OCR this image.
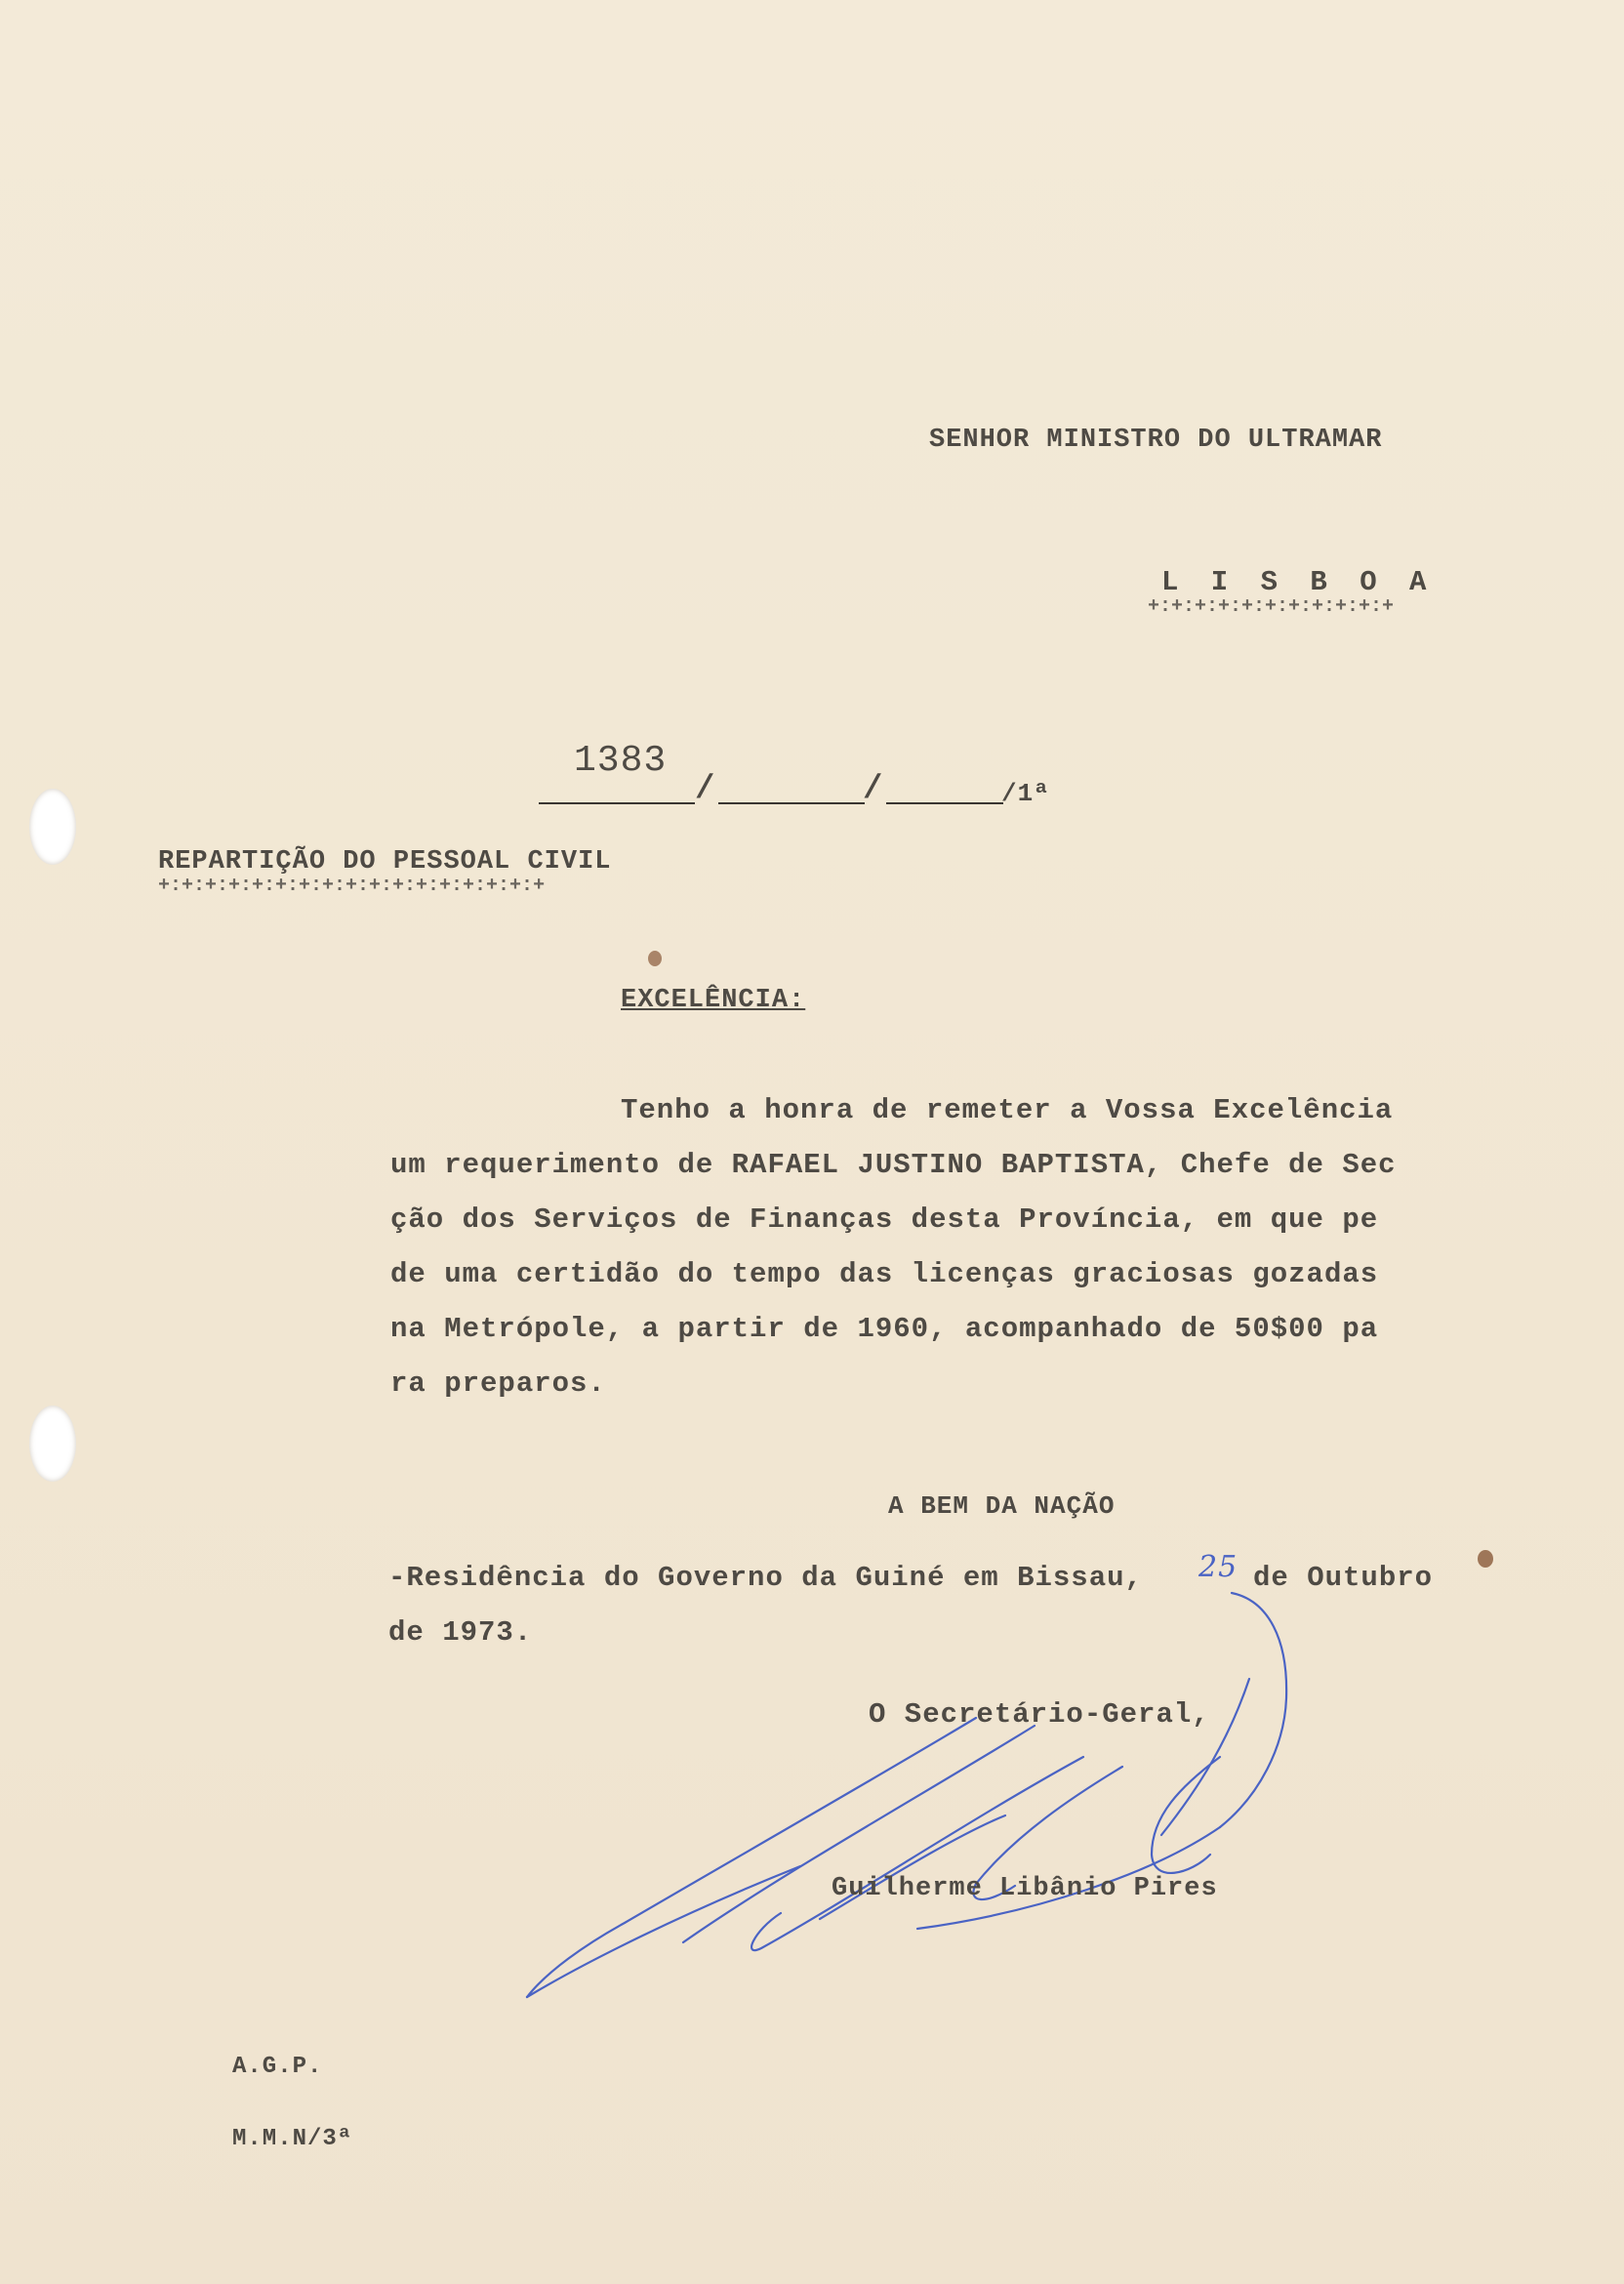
SENHOR MINISTRO DO ULTRAMAR
L I S B O A
+:+:+:+:+:+:+:+:+:+:+
1383
/	/	/1ª
REPARTIÇÃO DO PESSOAL CIVIL
+:+:+:+:+:+:+:+:+:+:+:+:+:+:+:+:+
EXCELÊNCIA:
Tenho a honra de remeter a Vossa Excelência
um requerimento de RAFAEL JUSTINO BAPTISTA, Chefe de Sec
ção dos Serviços de Finanças desta Província, em que pe
de uma certidão do tempo das licenças graciosas gozadas
na Metrópole, a partir de 1960, acompanhado de 50$00 pa
ra preparos.
A BEM DA NAÇÃO
-Residência do Governo da Guiné em Bissau, 25 de Outubro
de 1973.
O Secretário-Geral,
Guilherme Libânio Pires
A.G.P.
M.M.N/3ª
